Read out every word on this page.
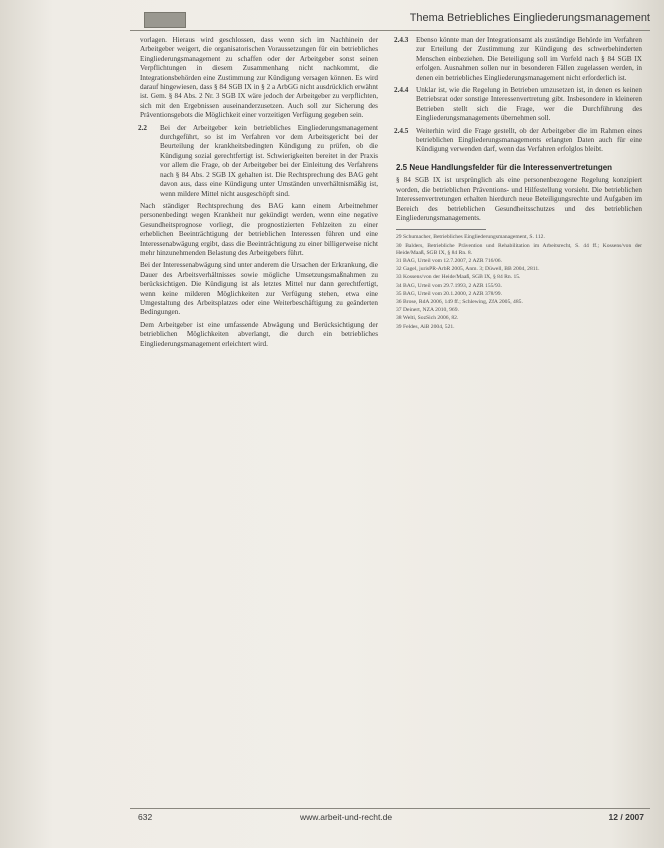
Thema Betriebliches Eingliederungsmanagement

vorlagen. Hieraus wird geschlossen, dass wenn sich im Nachhinein der Arbeitgeber weigert, die organisatorischen Voraussetzungen für ein betriebliches Eingliederungsmanagement zu schaffen oder der Arbeitgeber sonst seinen Verpflichtungen in diesem Zusammenhang nicht nachkommt, die Integrationsbehörden eine Zustimmung zur Kündigung versagen können. Es wird darauf hingewiesen, dass § 84 SGB IX in § 2 a ArbGG nicht ausdrücklich erwähnt ist. Gem. § 84 Abs. 2 Nr. 3 SGB IX wäre jedoch der Arbeitgeber zu verpflichten, sich mit den Ergebnissen auseinanderzusetzen. Auch soll zur Sicherung des Präventionsgebots die Möglichkeit einer vorzeitigen Verfügung gegeben sein.

2.2 Bei der Arbeitgeber kein betriebliches Eingliederungsmanagement durchgeführt, so ist im Verfahren vor dem Arbeitsgericht bei der Beurteilung der krankheitsbedingten Kündigung zu prüfen, ob die Kündigung sozial gerechtfertigt ist. Schwierigkeiten bereitet in der Praxis vor allem die Frage, ob der Arbeitgeber bei der Einleitung des Verfahrens nach § 84 Abs. 2 SGB IX gehalten ist. Die Rechtsprechung des BAG geht davon aus, dass eine Kündigung unter Umständen unverhältnismäßig ist, wenn mildere Mittel nicht ausgeschöpft sind.

Nach ständiger Rechtsprechung des BAG kann einem Arbeitnehmer personenbedingt wegen Krankheit nur gekündigt werden, wenn eine negative Gesundheitsprognose vorliegt, die prognostizierten Fehlzeiten zu einer erheblichen Beeinträchtigung der betrieblichen Interessen führen und eine Interessenabwägung ergibt, dass die Beeinträchtigung zu einer billigerweise nicht mehr hinzunehmenden Belastung des Arbeitgebers führt.

Bei der Interessenabwägung sind unter anderem die Ursachen der Erkrankung, die Dauer des Arbeitsverhältnisses sowie mögliche Umsetzungsmaßnahmen zu berücksichtigen. Die Kündigung ist als letztes Mittel nur dann gerechtfertigt, wenn keine milderen Möglichkeiten zur Verfügung stehen, etwa eine Umgestaltung des Arbeitsplatzes oder eine Weiterbeschäftigung zu geänderten Bedingungen.

Dem Arbeitgeber ist eine umfassende Abwägung und Berücksichtigung der betrieblichen Möglichkeiten abverlangt, die durch ein betriebliches Eingliederungsmanagement erleichtert wird.

2.4.3 Ebenso könnte man der Integrationsamt als zuständige Behörde im Verfahren zur Erteilung der Zustimmung zur Kündigung des schwerbehinderten Menschen einbeziehen. Die Beteiligung soll im Vorfeld nach § 84 SGB IX erfolgen. Ausnahmen sollen nur in besonderen Fällen zugelassen werden, in denen ein betriebliches Eingliederungsmanagement nicht erforderlich ist.
2.4.4 Unklar ist, wie die Regelung in Betrieben umzusetzen ist, in denen es keinen Betriebsrat oder sonstige Interessenvertretung gibt. Insbesondere in kleineren Betrieben stellt sich die Frage, wer die Durchführung des Eingliederungsmanagements übernehmen soll.
2.4.5 Weiterhin wird die Frage gestellt, ob der Arbeitgeber die im Rahmen eines betrieblichen Eingliederungsmanagements erlangten Daten auch für eine Kündigung verwenden darf, wenn das Verfahren erfolglos bleibt.
2.5 Neue Handlungsfelder für die Interessenvertretungen

§ 84 SGB IX ist ursprünglich als eine personenbezogene Regelung konzipiert worden, die betrieblichen Präventions- und Hilfestellung vorsieht. Die betrieblichen Interessenvertretungen erhalten hierdurch neue Beteiligungsrechte und Aufgaben im Bereich des betrieblichen Gesundheitsschutzes und des betrieblichen Eingliederungsmanagements.

29 Schumacher, Betriebliches Eingliederungsmanagement, S. 112.
30 Balders, Betriebliche Prävention und Rehabilitation im Arbeitsrecht, S. 44 ff.; Kossens/von der Heide/Maaß, SGB IX, § 84 Rn. 8.
31 BAG, Urteil vom 12.7.2007, 2 AZR 716/06.
32 Gagel, jurisPR-ArbR 2005, Anm. 3; Düwell, BB 2004, 2811.
33 Kossens/von der Heide/Maaß, SGB IX, § 84 Rn. 15.
34 BAG, Urteil vom 29.7.1993, 2 AZR 155/93.
35 BAG, Urteil vom 20.1.2000, 2 AZR 378/99.
36 Brose, RdA 2006, 149 ff.; Schlewing, ZfA 2005, 485.
37 Deinert, NZA 2010, 969.
38 Welti, SozSich 2006, 82.
39 Feldes, AiB 2004, 521.
632	www.arbeit-und-recht.de	12 / 2007
